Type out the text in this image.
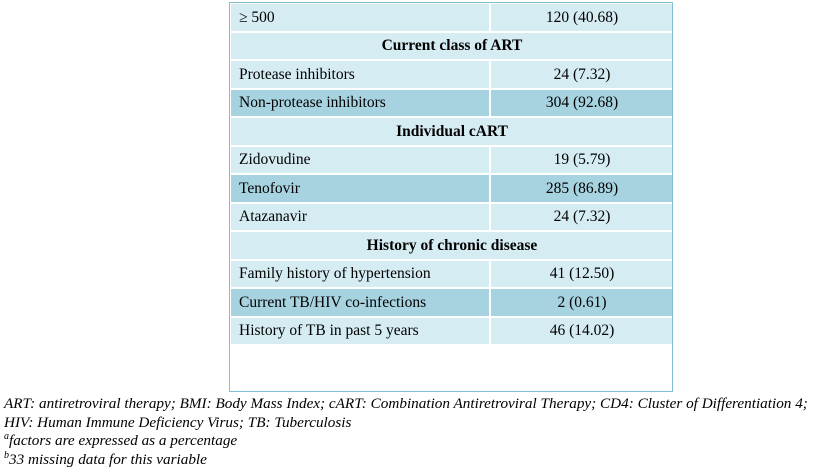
≥ 500	120 (40.68)
Current class of ART	
Protease inhibitors	24 (7.32)
Non-protease inhibitors	304 (92.68)
Individual cART	
Zidovudine	19 (5.79)
Tenofovir	285 (86.89)
Atazanavir	24 (7.32)
History of chronic disease	
Family history of hypertension	41 (12.50)
Current TB/HIV co-infections	2 (0.61)
History of TB in past 5 years	46 (14.02)

ART: antiretroviral therapy; BMI: Body Mass Index; cART: Combination Antiretroviral Therapy; CD4: Cluster of Differentiation 4; HIV: Human Immune Deficiency Virus; TB: Tuberculosis

$^a$factors are expressed as a percentage

$^b$33 missing data for this variable
